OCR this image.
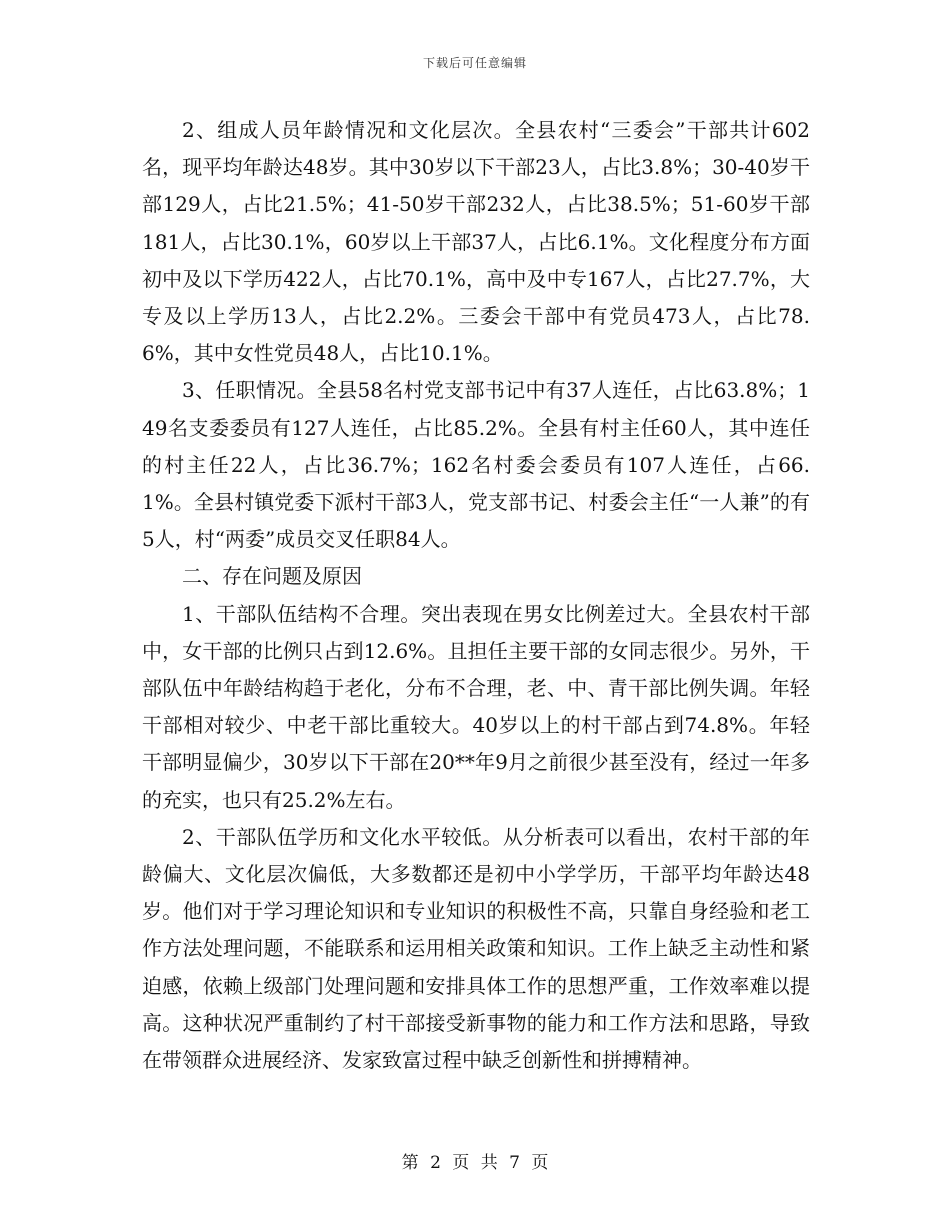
下载后可任意编辑

2、组成人员年龄情况和文化层次。全县农村“三委会”干部共计602名，现平均年龄达48岁。其中30岁以下干部23人，占比3.8%；30-40岁干部129人，占比21.5%；41-50岁干部232人，占比38.5%；51-60岁干部181人，占比30.1%，60岁以上干部37人，占比6.1%。文化程度分布方面初中及以下学历422人，占比70.1%，高中及中专167人，占比27.7%，大专及以上学历13人，占比2.2%。三委会干部中有党员473人，占比78.6%，其中女性党员48人，占比10.1%。

3、任职情况。全县58名村党支部书记中有37人连任，占比63.8%；149名支委委员有127人连任，占比85.2%。全县有村主任60人，其中连任的村主任22人，占比36.7%；162名村委会委员有107人连任，占66.1%。全县村镇党委下派村干部3人，党支部书记、村委会主任“一人兼”的有5人，村“两委”成员交叉任职84人。

二、存在问题及原因

1、干部队伍结构不合理。突出表现在男女比例差过大。全县农村干部中，女干部的比例只占到12.6%。且担任主要干部的女同志很少。另外，干部队伍中年龄结构趋于老化，分布不合理，老、中、青干部比例失调。年轻干部相对较少、中老干部比重较大。40岁以上的村干部占到74.8%。年轻干部明显偏少，30岁以下干部在20**年9月之前很少甚至没有，经过一年多的充实，也只有25.2%左右。

2、干部队伍学历和文化水平较低。从分析表可以看出，农村干部的年龄偏大、文化层次偏低，大多数都还是初中小学学历，干部平均年龄达48岁。他们对于学习理论知识和专业知识的积极性不高，只靠自身经验和老工作方法处理问题，不能联系和运用相关政策和知识。工作上缺乏主动性和紧迫感，依赖上级部门处理问题和安排具体工作的思想严重，工作效率难以提高。这种状况严重制约了村干部接受新事物的能力和工作方法和思路，导致在带领群众进展经济、发家致富过程中缺乏创新性和拼搏精神。

第 2 页 共 7 页
